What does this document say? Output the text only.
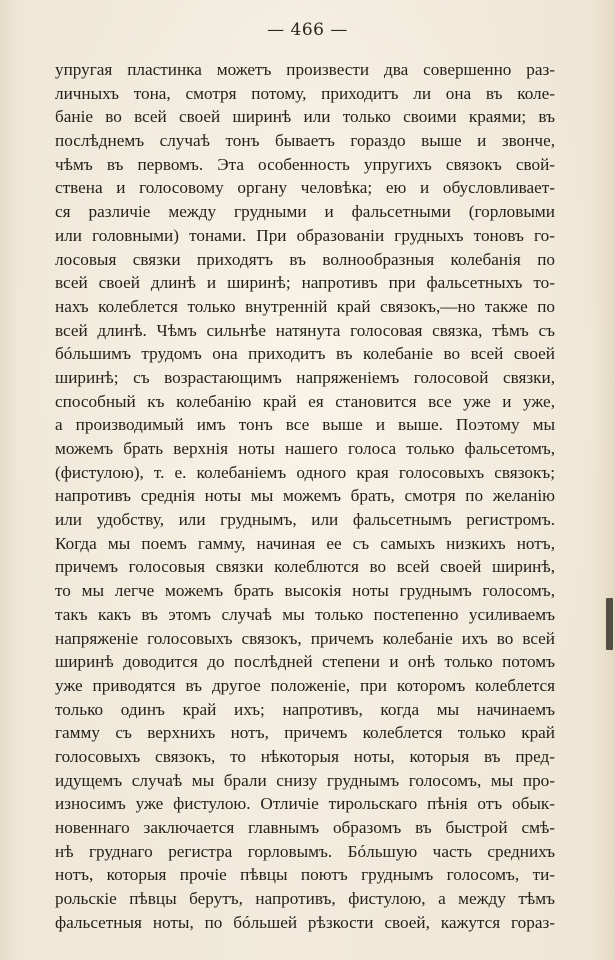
— 466 —
упругая пластинка можетъ произвести два совершенно раз-
личныхъ тона, смотря потому, приходитъ ли она въ коле-
баніе во всей своей ширинѣ или только своими краями; въ
послѣднемъ случаѣ тонъ бываетъ гораздо выше и звонче,
чѣмъ въ первомъ. Эта особенность упругихъ связокъ свой-
ствена и голосовому органу человѣка; ею и обусловливает-
ся различіе между грудными и фальсетными (горловыми
или головными) тонами. При образованіи грудныхъ тоновъ го-
лосовыя связки приходятъ въ волнообразныя колебанія по
всей своей длинѣ и ширинѣ; напротивъ при фальсетныхъ то-
нахъ колеблется только внутренній край связокъ,—но также по
всей длинѣ. Чѣмъ сильнѣе натянута голосовая связка, тѣмъ съ
бóльшимъ трудомъ она приходитъ въ колебаніе во всей своей
ширинѣ; съ возрастающимъ напряженіемъ голосовой связки,
способный къ колебанію край ея становится все уже и уже,
а производимый имъ тонъ все выше и выше. Поэтому мы
можемъ брать верхнія ноты нашего голоса только фальсетомъ,
(фистулою), т. е. колебаніемъ одного края голосовыхъ связокъ;
напротивъ среднія ноты мы можемъ брать, смотря по желанію
или удобству, или груднымъ, или фальсетнымъ регистромъ.
Когда мы поемъ гамму, начиная ее съ самыхъ низкихъ нотъ,
причемъ голосовыя связки колеблются во всей своей ширинѣ,
то мы легче можемъ брать высокія ноты груднымъ голосомъ,
такъ какъ въ этомъ случаѣ мы только постепенно усиливаемъ
напряженіе голосовыхъ связокъ, причемъ колебаніе ихъ во всей
ширинѣ доводится до послѣдней степени и онѣ только потомъ
уже приводятся въ другое положеніе, при которомъ колеблется
только одинъ край ихъ; напротивъ, когда мы начинаемъ
гамму съ верхнихъ нотъ, причемъ колеблется только край
голосовыхъ связокъ, то нѣкоторыя ноты, которыя въ пред-
идущемъ случаѣ мы брали снизу груднымъ голосомъ, мы про-
износимъ уже фистулою. Отличіе тирольскаго пѣнія отъ обык-
новеннаго заключается главнымъ образомъ въ быстрой смѣ-
нѣ груднаго регистра горловымъ. Бóльшую часть среднихъ
нотъ, которыя прочіе пѣвцы поютъ груднымъ голосомъ, ти-
рольскіе пѣвцы берутъ, напротивъ, фистулою, а между тѣмъ
фальсетныя ноты, по бóльшей рѣзкости своей, кажутся гораз-
